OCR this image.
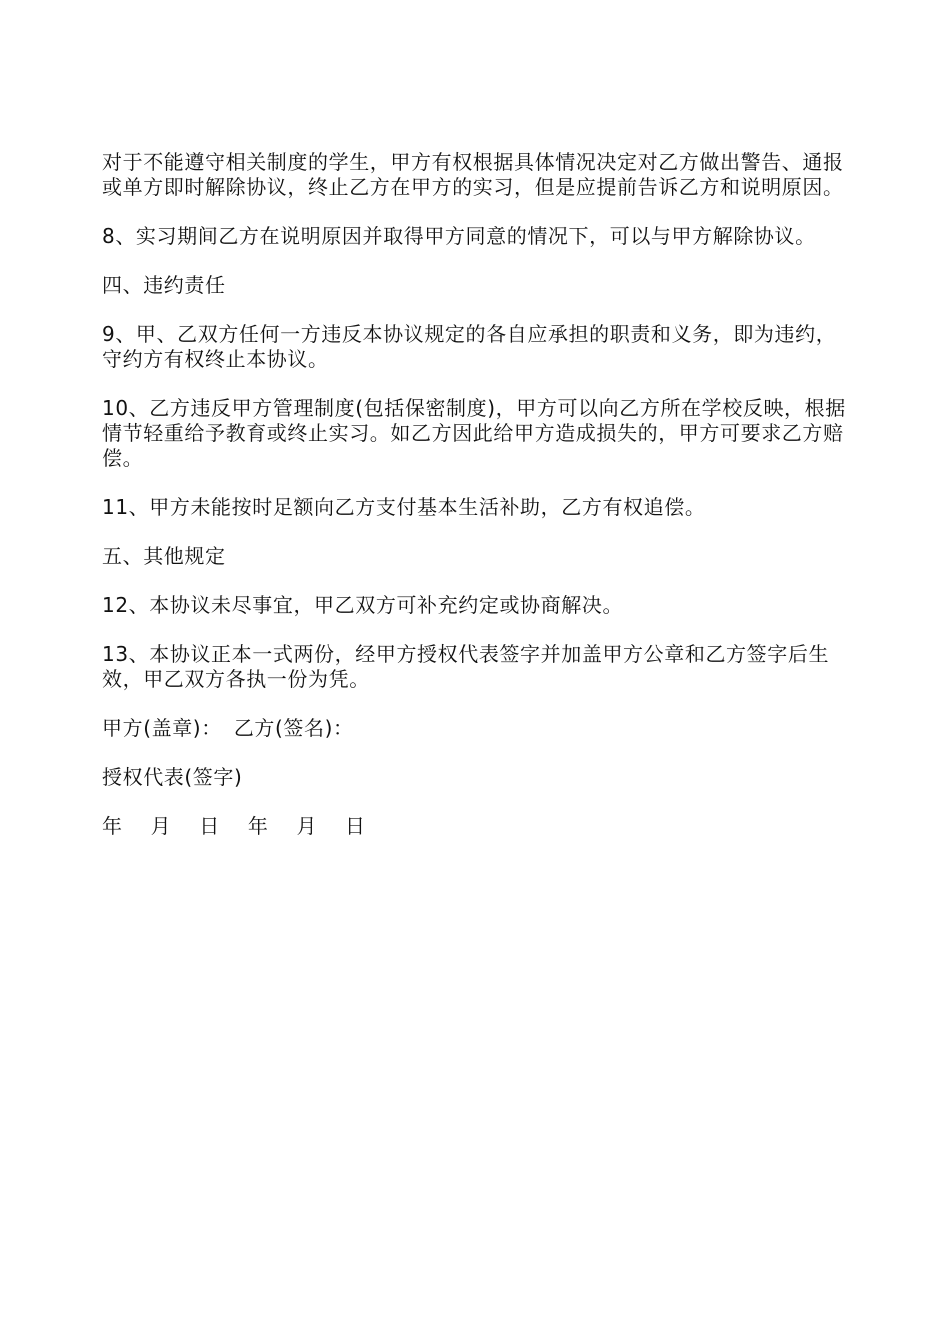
对于不能遵守相关制度的学生，甲方有权根据具体情况决定对乙方做出警告、通报或单方即时解除协议，终止乙方在甲方的实习，但是应提前告诉乙方和说明原因。

8、实习期间乙方在说明原因并取得甲方同意的情况下，可以与甲方解除协议。

四、违约责任

9、甲、乙双方任何一方违反本协议规定的各自应承担的职责和义务，即为违约，守约方有权终止本协议。

10、乙方违反甲方管理制度(包括保密制度)，甲方可以向乙方所在学校反映，根据情节轻重给予教育或终止实习。如乙方因此给甲方造成损失的，甲方可要求乙方赔偿。

11、甲方未能按时足额向乙方支付基本生活补助，乙方有权追偿。

五、其他规定

12、本协议未尽事宜，甲乙双方可补充约定或协商解决。

13、本协议正本一式两份，经甲方授权代表签字并加盖甲方公章和乙方签字后生效，甲乙双方各执一份为凭。

甲方(盖章)： 乙方(签名)：
授权代表(签字)
年 月 日 年 月 日
